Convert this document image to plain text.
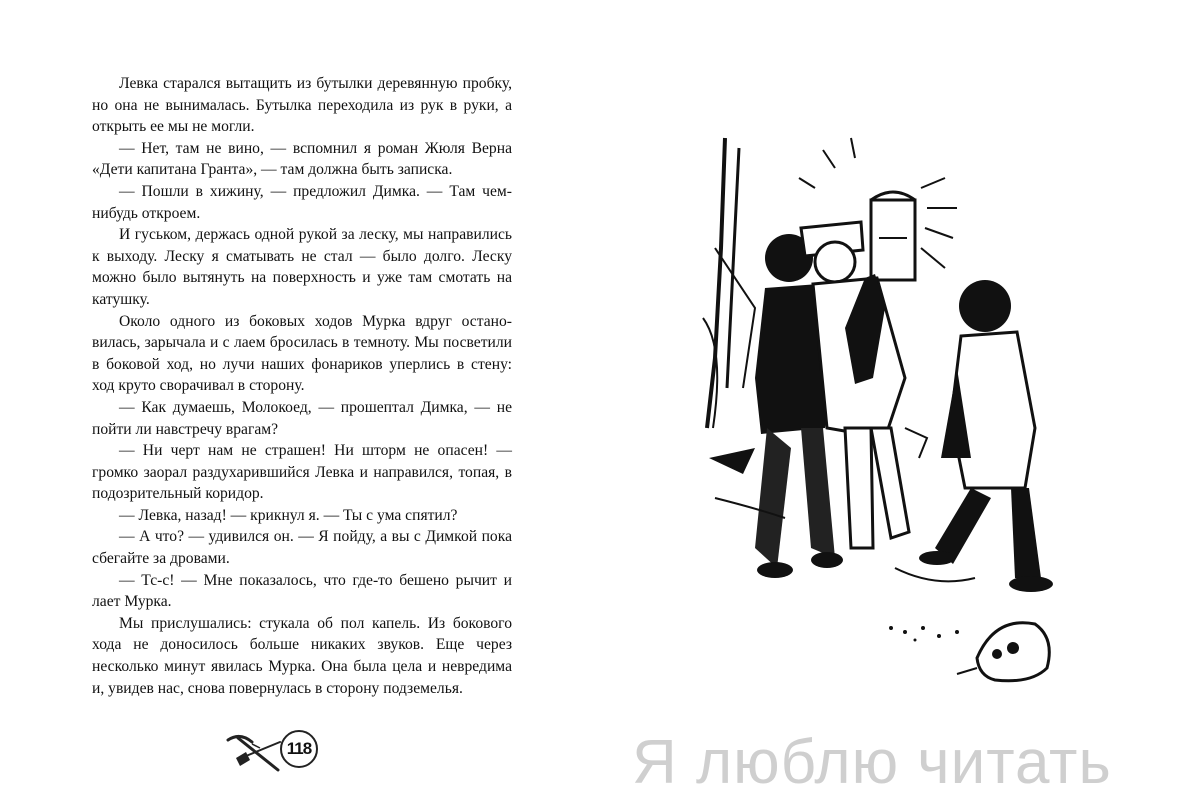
Левка старался вытащить из бутылки деревянную пробку, но она не вынималась. Бутылка переходила из рук в руки, а открыть ее мы не могли.

— Нет, там не вино, — вспомнил я роман Жюля Верна «Дети капитана Гранта», — там должна быть записка.

— Пошли в хижину, — предложил Димка. — Там чем-нибудь откроем.

И гуськом, держась одной рукой за леску, мы направились к выходу. Леску я сматывать не стал — было долго. Леску можно было вытянуть на поверхность и уже там смотать на катушку.

Около одного из боковых ходов Мурка вдруг остановилась, зарычала и с лаем бросилась в темноту. Мы посветили в боковой ход, но лучи наших фонариков уперлись в стену: ход круто сворачивал в сторону.

— Как думаешь, Молокоед, — прошептал Димка, — не пойти ли навстречу врагам?

— Ни черт нам не страшен! Ни шторм не опасен! — громко заорал раздухарившийся Левка и направился, топая, в подозрительный коридор.

— Левка, назад! — крикнул я. — Ты с ума спятил?

— А что? — удивился он. — Я пойду, а вы с Димкой пока сбегайте за дровами.

— Тс-с! — Мне показалось, что где-то бешено рычит и лает Мурка.

Мы прислушались: стукала об пол капель. Из бокового хода не доносилось больше никаких звуков. Еще через несколько минут явилась Мурка. Она была цела и невредима и, увидев нас, снова повернулась в сторону подземелья.

118	Я люблю читать
